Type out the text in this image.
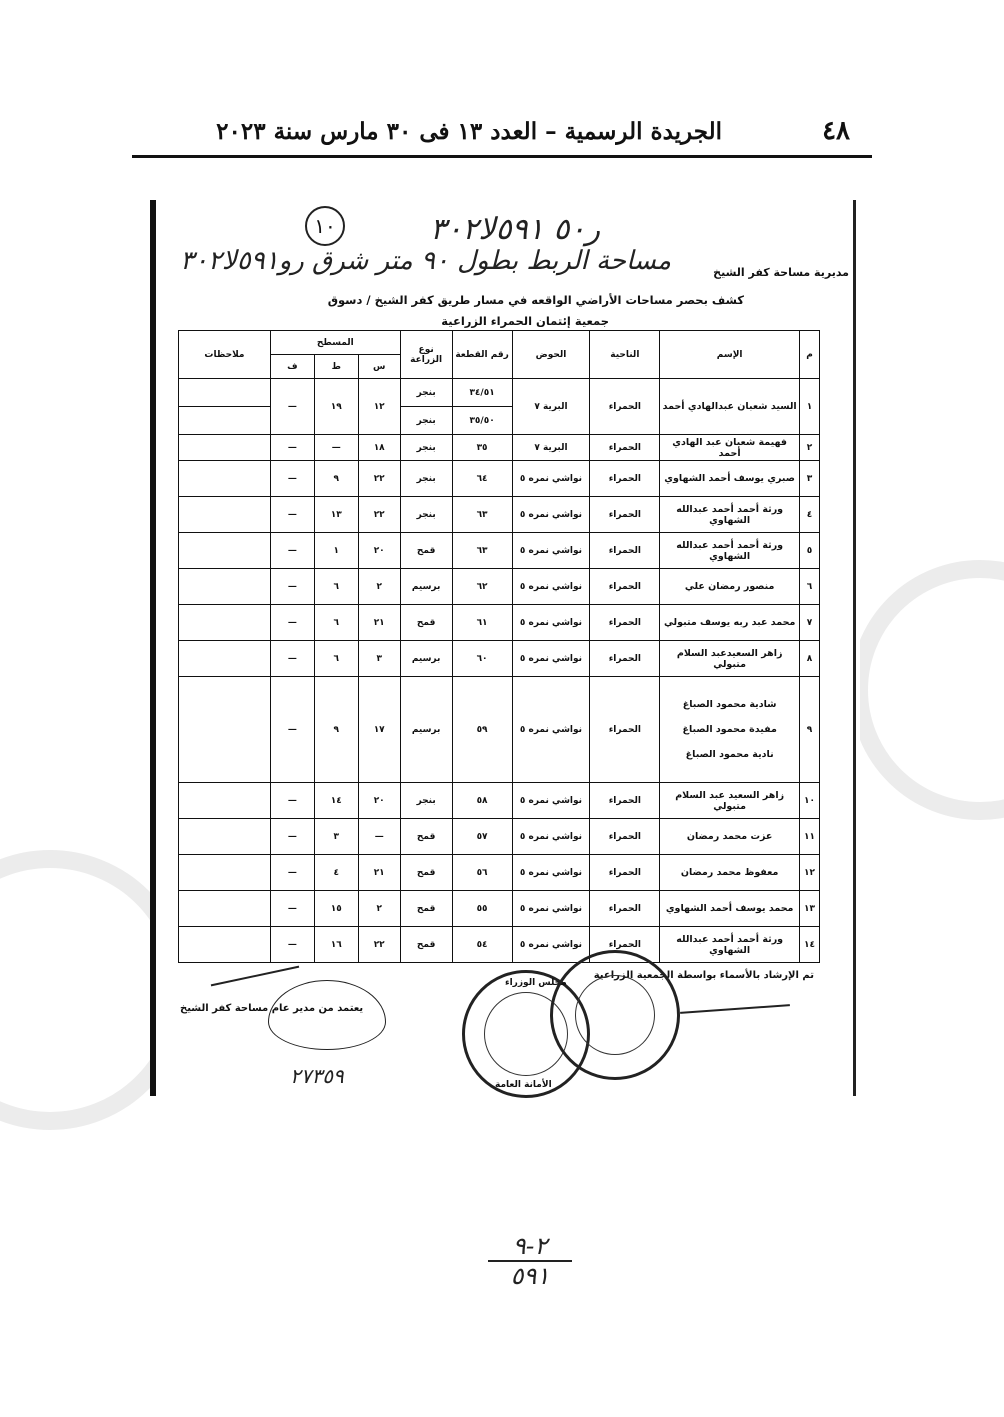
٤٨
الجريدة الرسمية – العدد ١٣ فى ٣٠ مارس سنة ٢٠٢٣
ر٥٠ ٥٩١لا٣٠٢
١٠
مساحة الربط بطول ٩٠ متر شرق رو٥٩١لا٣٠٢	مديرية مساحة كفر الشيخ
كشف بحصر مساحات الأراضي الواقعه في مسار طريق كفر الشيخ / دسوق
جمعية إئتمان الحمراء الزراعية
م	الإسم	الناحية	الحوض	رقم القطعة	نوع الزراعة	المسطح			ملاحظات
						س	ط	ف	
١	السيد شعبان عبدالهادي أحمد	الحمراء	البرية ٧	٣٤/٥١	بنجر	١٢	١٩	—	
				٣٥/٥٠	بنجر				
٢	فهيمة شعبان عبد الهادي أحمد	الحمراء	البرية ٧	٣٥	بنجر	١٨	—	—	
٣	صبري يوسف أحمد الشهاوي	الحمراء	نواشي نمره ٥	٦٤	بنجر	٢٢	٩	—	
٤	ورثة أحمد أحمد عبدالله الشهاوي	الحمراء	نواشي نمره ٥	٦٣	بنجر	٢٢	١٣	—	
٥	ورثة أحمد أحمد عبدالله الشهاوي	الحمراء	نواشي نمره ٥	٦٣	قمح	٢٠	١	—	
٦	منصور رمضان علي	الحمراء	نواشي نمره ٥	٦٢	برسيم	٢	٦	—	
٧	محمد عبد ربه يوسف متبولي	الحمراء	نواشي نمره ٥	٦١	قمح	٢١	٦	—	
٨	زاهر السعيدعبد السلام متبولي	الحمراء	نواشي نمره ٥	٦٠	برسيم	٣	٦	—	
٩	شادية محمود الصباغ
مفيدة محمود الصباغ
نادية محمود الصباغ	الحمراء	نواشي نمره ٥	٥٩	برسيم	١٧	٩	—	
١٠	زاهر السعيد عبد السلام متبولي	الحمراء	نواشي نمره ٥	٥٨	بنجر	٢٠	١٤	—	
١١	عزت محمد رمضان	الحمراء	نواشي نمره ٥	٥٧	قمح	—	٣	—	
١٢	معفوظ محمد رمضان	الحمراء	نواشي نمره ٥	٥٦	قمح	٢١	٤	—	
١٣	محمد يوسف أحمد الشهاوي	الحمراء	نواشي نمره ٥	٥٥	قمح	٢	١٥	—	
١٤	ورثة أحمد أحمد عبدالله الشهاوي	الحمراء	نواشي نمره ٥	٥٤	قمح	٢٢	١٦	—	
تم الإرشاد بالأسماء بواسطة الجمعية الزراعية
يعتمد من مدير عام مساحة كفر الشيخ
مجلس الوزراء
الأمانة العامة
٢٧٣٥٩
٢-٩
٥٩١
